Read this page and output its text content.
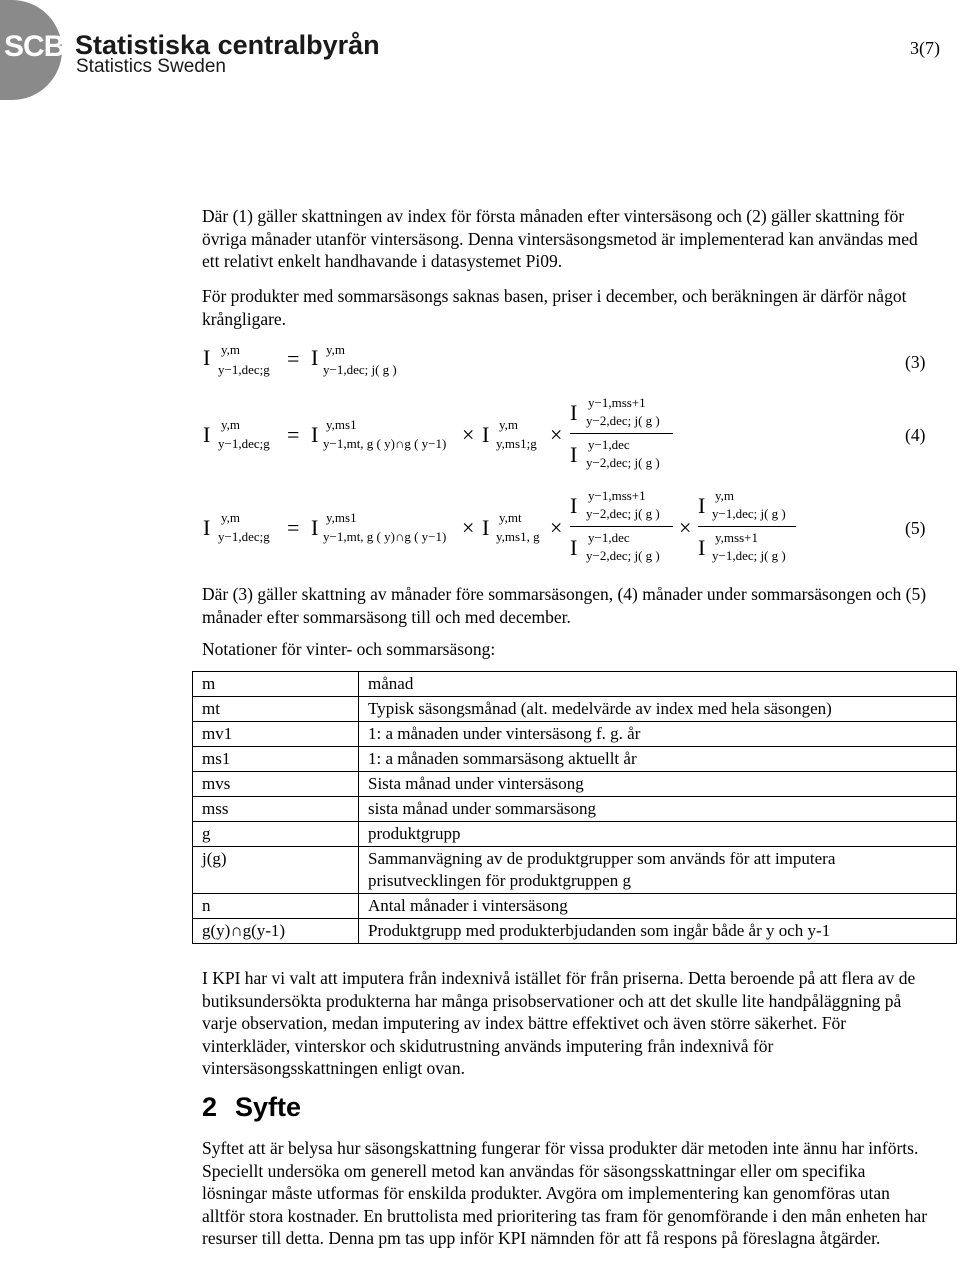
SCB Statistiska centralbyrån
Statistics Sweden
3(7)
Där (1) gäller skattningen av index för första månaden efter vintersäsong och (2) gäller skattning för övriga månader utanför vintersäsong. Denna vintersäsongsmetod är implementerad kan användas med ett relativt enkelt handhavande i datasystemet Pi09.
För produkter med sommarsäsongs saknas basen, priser i december, och beräkningen är därför något krångligare.
I y,m
y−1,dec;g = I y,m
y−1,dec; j( g )	(3)
I y,m
y−1,dec;g = I y,ms1
y−1,mt, g ( y)∩g ( y−1) × I y,m
y,ms1;g ×
I y−1,mss+1
y−2,dec; j( g )
I y−1,dec
y−2,dec; j( g )
(4)
I y,m
y−1,dec;g = I y,ms1
y−1,mt, g ( y)∩g ( y−1) × I y,mt
y,ms1, g ×
I y−1,mss+1
y−2,dec; j( g )
I y−1,dec
y−2,dec; j( g )
×
I y,m
y−1,dec; j( g )
I y,mss+1
y−1,dec; j( g )
(5)
Där (3) gäller skattning av månader före sommarsäsongen, (4) månader under sommarsäsongen och (5) månader efter sommarsäsong till och med december.
Notationer för vinter- och sommarsäsong:
m	månad
mt	Typisk säsongsmånad (alt. medelvärde av index med hela säsongen)
mv1	1: a månaden under vintersäsong f. g. år
ms1	1: a månaden sommarsäsong aktuellt år
mvs	Sista månad under vintersäsong
mss	sista månad under sommarsäsong
g	produktgrupp
j(g)	Sammanvägning av de produktgrupper som används för att imputera prisutvecklingen för produktgruppen g
n	Antal månader i vintersäsong
g(y)∩g(y-1)	Produktgrupp med produkterbjudanden som ingår både år y och y-1
I KPI har vi valt att imputera från indexnivå istället för från priserna. Detta beroende på att flera av de butiksundersökta produkterna har många prisobservationer och att det skulle lite handpåläggning på varje observation, medan imputering av index bättre effektivet och även större säkerhet. För vinterkläder, vinterskor och skidutrustning används imputering från indexnivå för vintersäsongsskattningen enligt ovan.
2 Syfte
Syftet att är belysa hur säsongskattning fungerar för vissa produkter där metoden inte ännu har införts. Speciellt undersöka om generell metod kan användas för säsongsskattningar eller om specifika lösningar måste utformas för enskilda produkter. Avgöra om implementering kan genomföras utan alltför stora kostnader. En bruttolista med prioritering tas fram för genomförande i den mån enheten har resurser till detta. Denna pm tas upp inför KPI nämnden för att få respons på föreslagna åtgärder.
